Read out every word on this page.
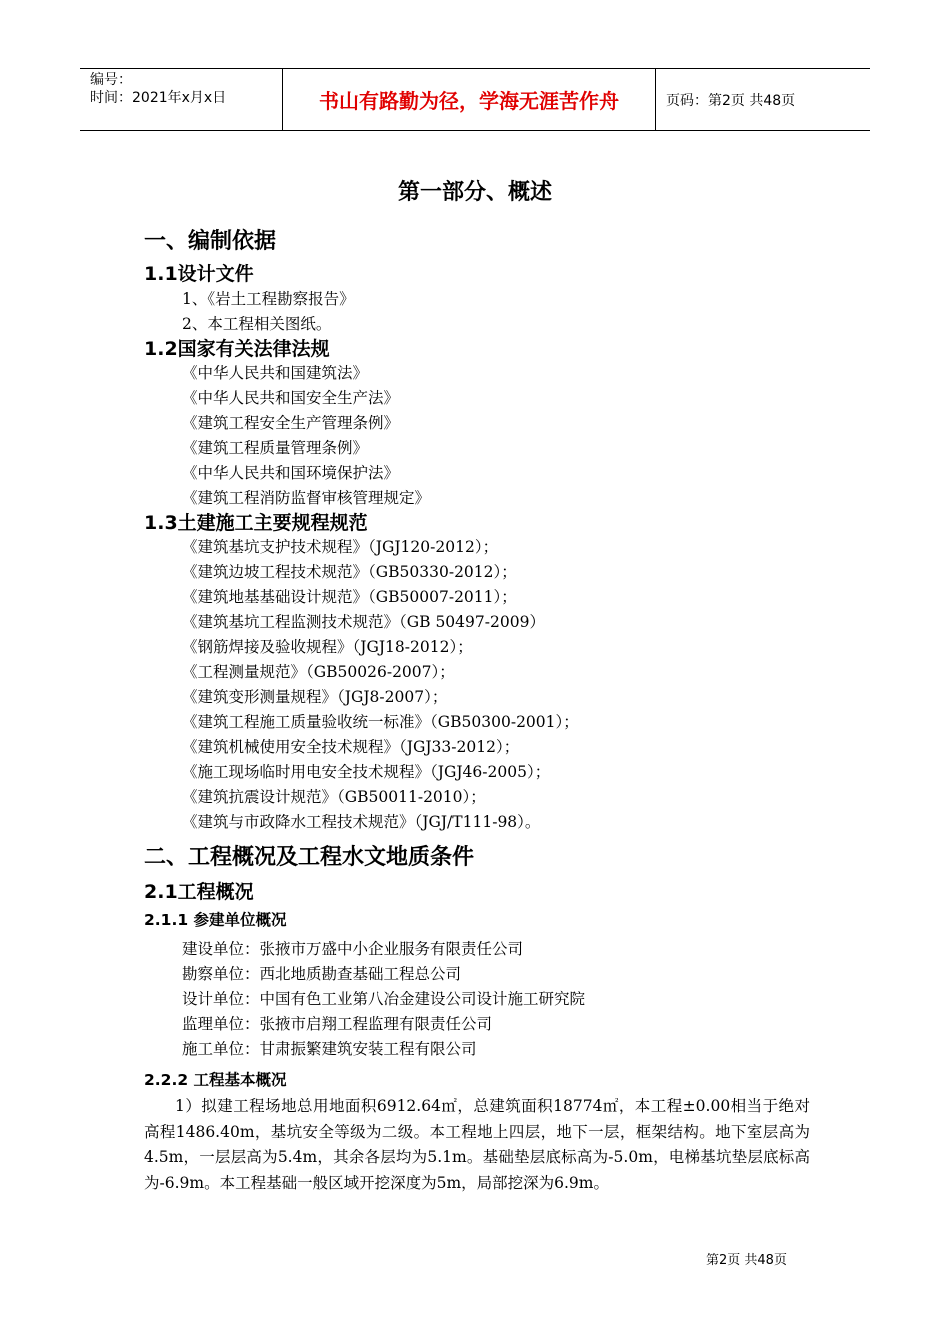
编号：
时间：2021年x月x日	书山有路勤为径，学海无涯苦作舟	页码：第2页 共48页
第一部分、概述
一、编制依据
1.1设计文件
1、《岩土工程勘察报告》
2、本工程相关图纸。
1.2国家有关法律法规
《中华人民共和国建筑法》
《中华人民共和国安全生产法》
《建筑工程安全生产管理条例》
《建筑工程质量管理条例》
《中华人民共和国环境保护法》
《建筑工程消防监督审核管理规定》
1.3土建施工主要规程规范
《建筑基坑支护技术规程》（JGJ120-2012）；
《建筑边坡工程技术规范》（GB50330-2012）；
《建筑地基基础设计规范》（GB50007-2011）；
《建筑基坑工程监测技术规范》（GB 50497-2009）
《钢筋焊接及验收规程》（JGJ18-2012）；
《工程测量规范》（GB50026-2007）；
《建筑变形测量规程》（JGJ8-2007）；
《建筑工程施工质量验收统一标准》（GB50300-2001）；
《建筑机械使用安全技术规程》（JGJ33-2012）；
《施工现场临时用电安全技术规程》（JGJ46-2005）；
《建筑抗震设计规范》（GB50011-2010）；
《建筑与市政降水工程技术规范》（JGJ/T111-98）。
二、工程概况及工程水文地质条件
2.1工程概况
2.1.1 参建单位概况
建设单位：张掖市万盛中小企业服务有限责任公司
勘察单位：西北地质勘查基础工程总公司
设计单位：中国有色工业第八冶金建设公司设计施工研究院
监理单位：张掖市启翔工程监理有限责任公司
施工单位：甘肃振繁建筑安装工程有限公司
2.2.2 工程基本概况
1）拟建工程场地总用地面积6912.64㎡，总建筑面积18774㎡，本工程±0.00相当于绝对高程1486.40m，基坑安全等级为二级。本工程地上四层，地下一层，框架结构。地下室层高为4.5m，一层层高为5.4m，其余各层均为5.1m。基础垫层底标高为-5.0m，电梯基坑垫层底标高为-6.9m。本工程基础一般区域开挖深度为5m，局部挖深为6.9m。
第2页 共48页
